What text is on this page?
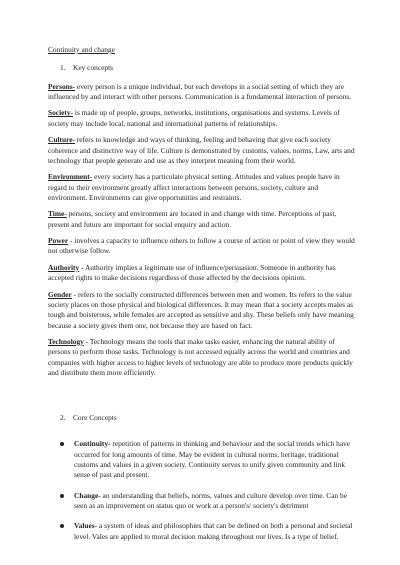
Continuity and change
1. Key concepts

Persons- every person is a unique individual, but each develops in a social setting of which they are influenced by and interact with other persons. Communication is a fundamental interaction of persons.

Society- is made up of people, groups, networks, institutions, organisations and systems. Levels of society may include local, national and international patterns of relationships.

Culture- refers to knowledge and ways of thinking, feeling and behaving that give each society coherence and distinctive way of life. Culture is demonstrated by customs, values, norms, Law, arts and technology that people generate and use as they interpret meaning from their world.

Environment- every society has a particulate physical setting. Attitudes and values people have in regard to their environment greatly affect interactions between persons, society, culture and environment. Environments can give opportunities and restraints.

Time- persons, society and environment are located in and change with time. Perceptions of past, present and future are important for social enquiry and action.

Power - involves a capacity to influence others to follow a course of action or point of view they would not otherwise follow.

Authority - Authority implies a legitimate use of influence/persuasion. Someone in authority has accepted rights to make decisions regardless of those affected by the decisions opinion.

Gender - refers to the socially constructed differences between men and women. Its refers to the value society places on those physical and biological differences. It may mean that a society accepts males as tough and boisterous, while females are accepted as sensitive and shy. These beliefs only have meaning because a society gives them one, not because they are based on fact.

Technology - Technology means the tools that make tasks easier, enhancing the natural ability of persons to perform those tasks. Technology is not accessed equally across the world and countries and companies with higher access to higher levels of technology are able to produce more products quickly and distribute them more efficiently.

2. Core Concepts
Continuity- repetition of patterns in thinking and behaviour and the social trends which have occurred for long amounts of time. May be evident in cultural norms, heritage, traditional customs and values in a given society. Continuity serves to unify given community and link sense of past and present.
Change- an understanding that beliefs, norms, values and culture develop over time. Can be seen as an improvement on status quo or work at a person's/ society's detriment
Values- a system of ideas and philosophies that can be defined on both a personal and societal level. Vales are applied to moral decision making throughout our lives. Is a type of belief.
